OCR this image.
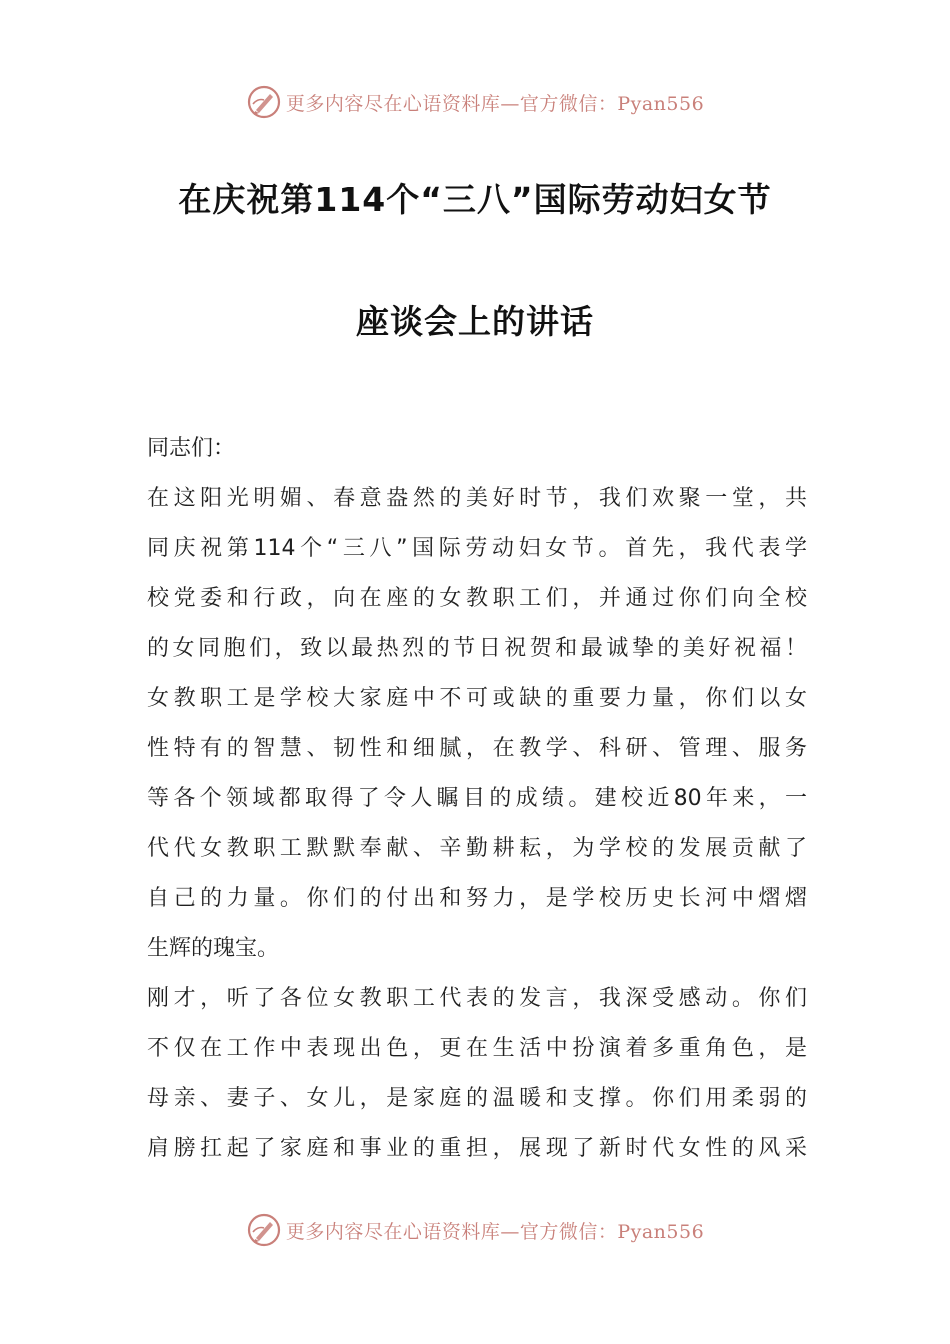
更多内容尽在心语资料库—官方微信：Pyan556
在庆祝第114个“三八”国际劳动妇女节
座谈会上的讲话
同志们：
在这阳光明媚、春意盎然的美好时节，我们欢聚一堂，共
同庆祝第114个“三八”国际劳动妇女节。首先，我代表学
校党委和行政，向在座的女教职工们，并通过你们向全校
的女同胞们，致以最热烈的节日祝贺和最诚挚的美好祝福！
女教职工是学校大家庭中不可或缺的重要力量，你们以女
性特有的智慧、韧性和细腻，在教学、科研、管理、服务
等各个领域都取得了令人瞩目的成绩。建校近80年来，一
代代女教职工默默奉献、辛勤耕耘，为学校的发展贡献了
自己的力量。你们的付出和努力，是学校历史长河中熠熠
生辉的瑰宝。
刚才，听了各位女教职工代表的发言，我深受感动。你们
不仅在工作中表现出色，更在生活中扮演着多重角色，是
母亲、妻子、女儿，是家庭的温暖和支撑。你们用柔弱的
肩膀扛起了家庭和事业的重担，展现了新时代女性的风采
更多内容尽在心语资料库—官方微信：Pyan556
